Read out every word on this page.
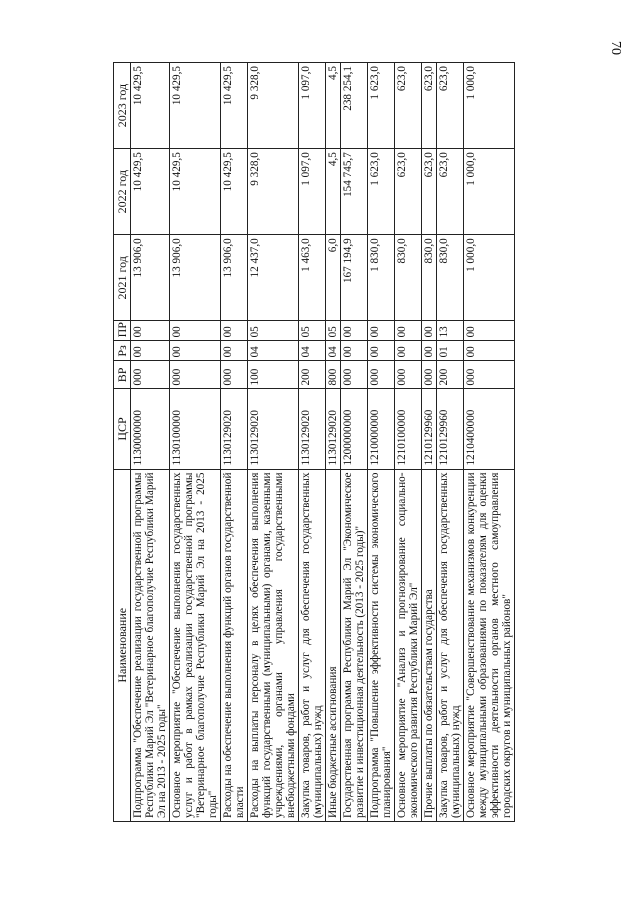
70
Наименование	ЦСР	ВР	Рз	ПР	2021 год	2022 год	2023 год
Подпрограмма "Обеспечение реализации государственной программы Республики Марий Эл "Ветеринарное благополучие Республики Марий Эл на 2013 - 2025 годы"	1130000000	000	00	00	13 906,0	10 429,5	10 429,5
Основное мероприятие "Обеспечение выполнения государственных услуг и работ в рамках реализации государственной программы "Ветеринарное благополучие Республики Марий Эл на 2013 - 2025 годы"	1130100000	000	00	00	13 906,0	10 429,5	10 429,5
Расходы на обеспечение выполнения функций органов государственной власти	1130129020	000	00	00	13 906,0	10 429,5	10 429,5
Расходы на выплаты персоналу в целях обеспечения выполнения функций государственными (муниципальными) органами, казенными учреждениями, органами управления государственными внебюджетными фондами	1130129020	100	04	05	12 437,0	9 328,0	9 328,0
Закупка товаров, работ и услуг для обеспечения государственных (муниципальных) нужд	1130129020	200	04	05	1 463,0	1 097,0	1 097,0
Иные бюджетные ассигнования	1130129020	800	04	05	6,0	4,5	4,5
Государственная программа Республики Марий Эл "Экономическое развитие и инвестиционная деятельность (2013 - 2025 годы)"	1200000000	000	00	00	167 194,9	154 745,7	238 254,1
Подпрограмма "Повышение эффективности системы экономического планирования"	1210000000	000	00	00	1 830,0	1 623,0	1 623,0
Основное мероприятие "Анализ и прогнозирование социально-экономического развития Республики Марий Эл"	1210100000	000	00	00	830,0	623,0	623,0
Прочие выплаты по обязательствам государства	1210129960	000	00	00	830,0	623,0	623,0
Закупка товаров, работ и услуг для обеспечения государственных (муниципальных) нужд	1210129960	200	01	13	830,0	623,0	623,0
Основное мероприятие "Совершенствование механизмов конкуренции между муниципальными образованиями по показателям для оценки эффективности деятельности органов местного самоуправления городских округов и муниципальных районов"	1210400000	000	00	00	1 000,0	1 000,0	1 000,0
